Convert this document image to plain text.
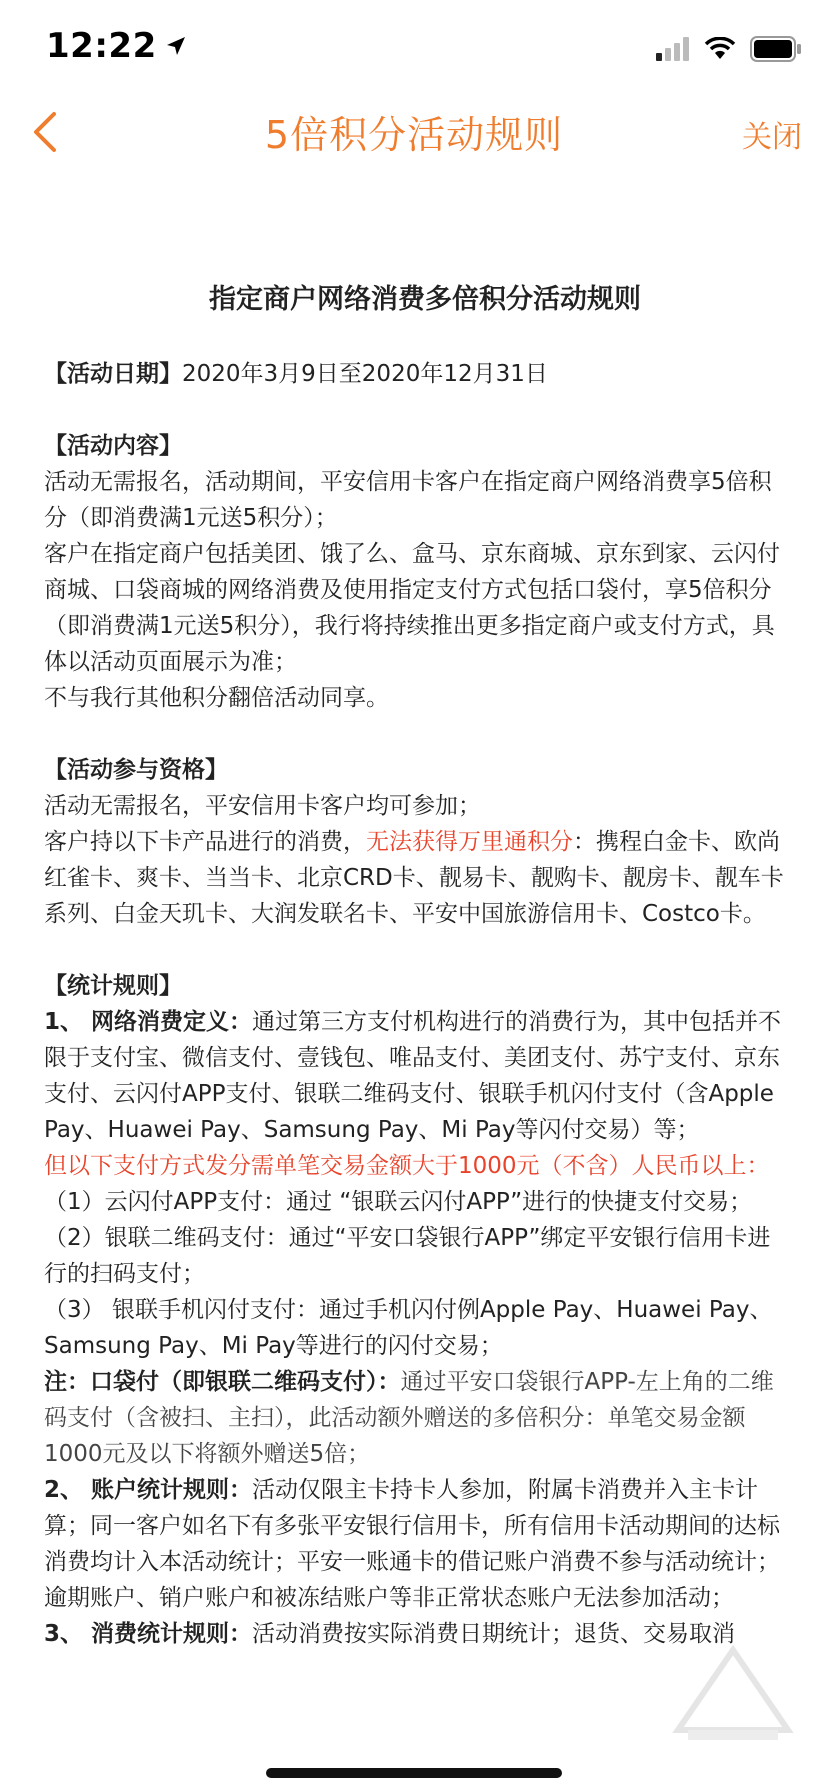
12:22
5倍积分活动规则	关闭
指定商户网络消费多倍积分活动规则

【活动日期】2020年3月9日至2020年12月31日

【活动内容】

活动无需报名，活动期间，平安信用卡客户在指定商户网络消费享5倍积分（即消费满1元送5积分）；

客户在指定商户包括美团、饿了么、盒马、京东商城、京东到家、云闪付商城、口袋商城的网络消费及使用指定支付方式包括口袋付，享5倍积分（即消费满1元送5积分），我行将持续推出更多指定商户或支付方式，具体以活动页面展示为准；

不与我行其他积分翻倍活动同享。

【活动参与资格】

活动无需报名，平安信用卡客户均可参加；

客户持以下卡产品进行的消费，无法获得万里通积分：携程白金卡、欧尚红雀卡、爽卡、当当卡、北京CRD卡、靓易卡、靓购卡、靓房卡、靓车卡系列、白金天玑卡、大润发联名卡、平安中国旅游信用卡、Costco卡。

【统计规则】

1、 网络消费定义：通过第三方支付机构进行的消费行为，其中包括并不限于支付宝、微信支付、壹钱包、唯品支付、美团支付、苏宁支付、京东支付、云闪付APP支付、银联二维码支付、银联手机闪付支付（含Apple Pay、Huawei Pay、Samsung Pay、Mi Pay等闪付交易）等；

但以下支付方式发分需单笔交易金额大于1000元（不含）人民币以上：

（1）云闪付APP支付：通过 “银联云闪付APP”进行的快捷支付交易；

（2）银联二维码支付：通过“平安口袋银行APP”绑定平安银行信用卡进行的扫码支付；

（3） 银联手机闪付支付：通过手机闪付例Apple Pay、Huawei Pay、Samsung Pay、Mi Pay等进行的闪付交易；

注：口袋付（即银联二维码支付）：通过平安口袋银行APP-左上角的二维码支付（含被扫、主扫），此活动额外赠送的多倍积分：单笔交易金额1000元及以下将额外赠送5倍；

2、 账户统计规则：活动仅限主卡持卡人参加，附属卡消费并入主卡计算；同一客户如名下有多张平安银行信用卡，所有信用卡活动期间的达标消费均计入本活动统计；平安一账通卡的借记账户消费不参与活动统计；逾期账户、销户账户和被冻结账户等非正常状态账户无法参加活动；

3、 消费统计规则：活动消费按实际消费日期统计；退货、交易取消
